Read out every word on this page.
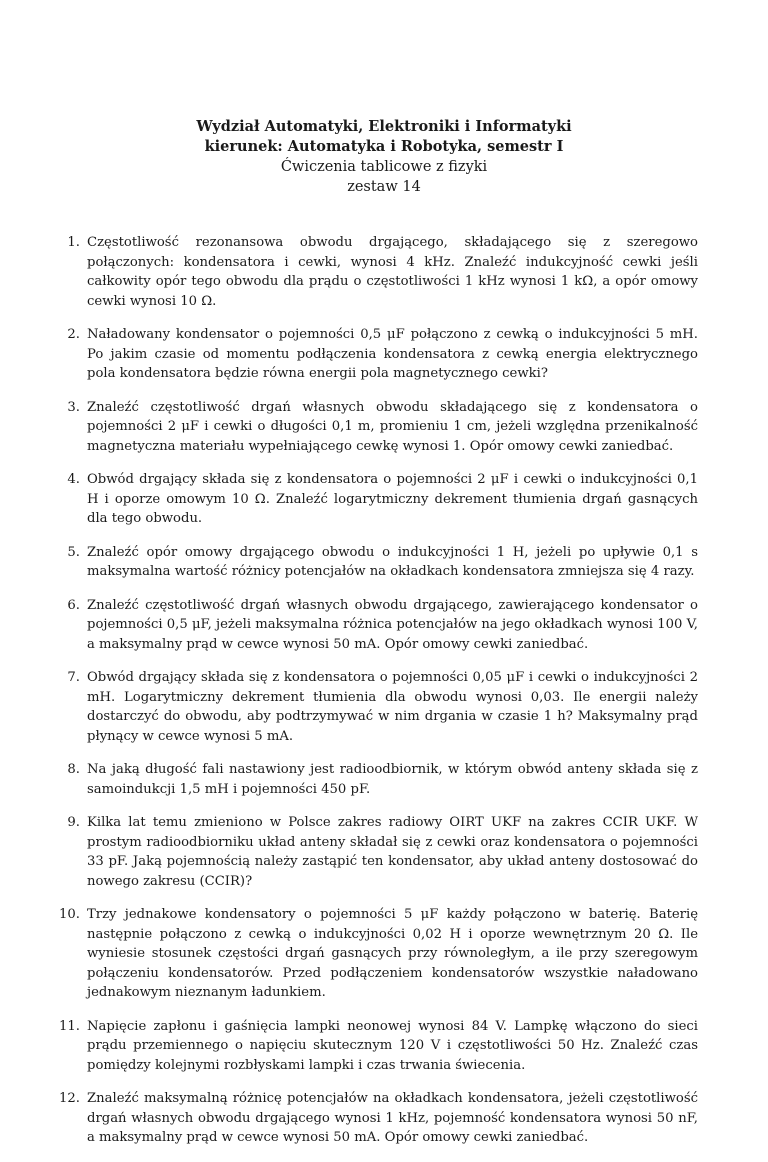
Wydział Automatyki, Elektroniki i Informatyki
kierunek: Automatyka i Robotyka, semestr I
Ćwiczenia tablicowe z fizyki
zestaw 14
1. Częstotliwość rezonansowa obwodu drgającego, składającego się z szeregowo połączonych: kondensatora i cewki, wynosi 4 kHz. Znaleźć indukcyjność cewki jeśli całkowity opór tego obwodu dla prądu o częstotliwości 1 kHz wynosi 1 kΩ, a opór omowy cewki wynosi 10 Ω.
2. Naładowany kondensator o pojemności 0,5 μF połączono z cewką o indukcyjności 5 mH. Po jakim czasie od momentu podłączenia kondensatora z cewką energia elektrycznego pola kondensatora będzie równa energii pola magnetycznego cewki?
3. Znaleźć częstotliwość drgań własnych obwodu składającego się z kondensatora o pojemności 2 μF i cewki o długości 0,1 m, promieniu 1 cm, jeżeli względna przenikalność magnetyczna materiału wypełniającego cewkę wynosi 1. Opór omowy cewki zaniedbać.
4. Obwód drgający składa się z kondensatora o pojemności 2 μF i cewki o indukcyjności 0,1 H i oporze omowym 10 Ω. Znaleźć logarytmiczny dekrement tłumienia drgań gasnących dla tego obwodu.
5. Znaleźć opór omowy drgającego obwodu o indukcyjności 1 H, jeżeli po upływie 0,1 s maksymalna wartość różnicy potencjałów na okładkach kondensatora zmniejsza się 4 razy.
6. Znaleźć częstotliwość drgań własnych obwodu drgającego, zawierającego kondensator o pojemności 0,5 μF, jeżeli maksymalna różnica potencjałów na jego okładkach wynosi 100 V, a maksymalny prąd w cewce wynosi 50 mA. Opór omowy cewki zaniedbać.
7. Obwód drgający składa się z kondensatora o pojemności 0,05 μF i cewki o indukcyjności 2 mH. Logarytmiczny dekrement tłumienia dla obwodu wynosi 0,03. Ile energii należy dostarczyć do obwodu, aby podtrzymywać w nim drgania w czasie 1 h? Maksymalny prąd płynący w cewce wynosi 5 mA.
8. Na jaką długość fali nastawiony jest radioodbiornik, w którym obwód anteny składa się z samoindukcji 1,5 mH i pojemności 450 pF.
9. Kilka lat temu zmieniono w Polsce zakres radiowy OIRT UKF na zakres CCIR UKF. W prostym radioodbiorniku układ anteny składał się z cewki oraz kondensatora o pojemności 33 pF. Jaką pojemnością należy zastąpić ten kondensator, aby układ anteny dostosować do nowego zakresu (CCIR)?
10. Trzy jednakowe kondensatory o pojemności 5 μF każdy połączono w baterię. Baterię następnie połączono z cewką o indukcyjności 0,02 H i oporze wewnętrznym 20 Ω. Ile wyniesie stosunek częstości drgań gasnących przy równoległym, a ile przy szeregowym połączeniu kondensatorów. Przed podłączeniem kondensatorów wszystkie naładowano jednakowym nieznanym ładunkiem.
11. Napięcie zapłonu i gaśnięcia lampki neonowej wynosi 84 V. Lampkę włączono do sieci prądu przemiennego o napięciu skutecznym 120 V i częstotliwości 50 Hz. Znaleźć czas pomiędzy kolejnymi rozbłyskami lampki i czas trwania świecenia.
12. Znaleźć maksymalną różnicę potencjałów na okładkach kondensatora, jeżeli częstotliwość drgań własnych obwodu drgającego wynosi 1 kHz, pojemność kondensatora wynosi 50 nF, a maksymalny prąd w cewce wynosi 50 mA. Opór omowy cewki zaniedbać.
